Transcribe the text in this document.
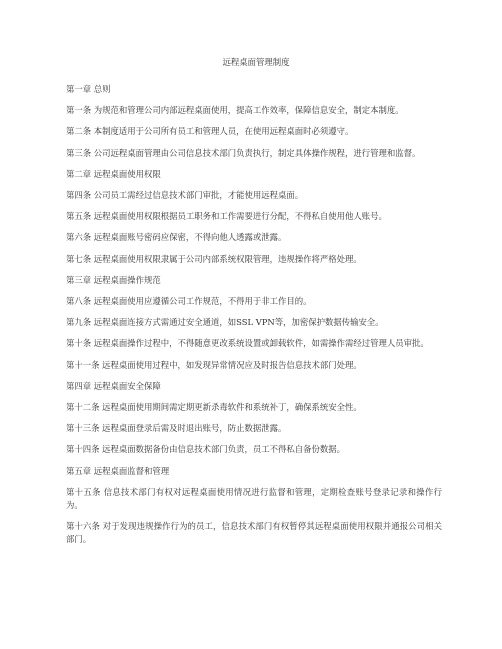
远程桌面管理制度
第一章 总则
第一条 为规范和管理公司内部远程桌面使用，提高工作效率，保障信息安全，制定本制度。
第二条 本制度适用于公司所有员工和管理人员，在使用远程桌面时必须遵守。
第三条 公司远程桌面管理由公司信息技术部门负责执行，制定具体操作规程，进行管理和监督。
第二章 远程桌面使用权限
第四条 公司员工需经过信息技术部门审批，才能使用远程桌面。
第五条 远程桌面使用权限根据员工职务和工作需要进行分配，不得私自使用他人账号。
第六条 远程桌面账号密码应保密，不得向他人透露或泄露。
第七条 远程桌面使用权限隶属于公司内部系统权限管理，违规操作将严格处理。
第三章 远程桌面操作规范
第八条 远程桌面使用应遵循公司工作规范，不得用于非工作目的。
第九条 远程桌面连接方式需通过安全通道，如SSL VPN等，加密保护数据传输安全。
第十条 远程桌面操作过程中，不得随意更改系统设置或卸载软件，如需操作需经过管理人员审批。
第十一条 远程桌面使用过程中，如发现异常情况应及时报告信息技术部门处理。
第四章 远程桌面安全保障
第十二条 远程桌面使用期间需定期更新杀毒软件和系统补丁，确保系统安全性。
第十三条 远程桌面登录后需及时退出账号，防止数据泄露。
第十四条 远程桌面数据备份由信息技术部门负责，员工不得私自备份数据。
第五章 远程桌面监督和管理
第十五条 信息技术部门有权对远程桌面使用情况进行监督和管理，定期检查账号登录记录和操作行为。
第十六条 对于发现违规操作行为的员工，信息技术部门有权暂停其远程桌面使用权限并通报公司相关部门。
